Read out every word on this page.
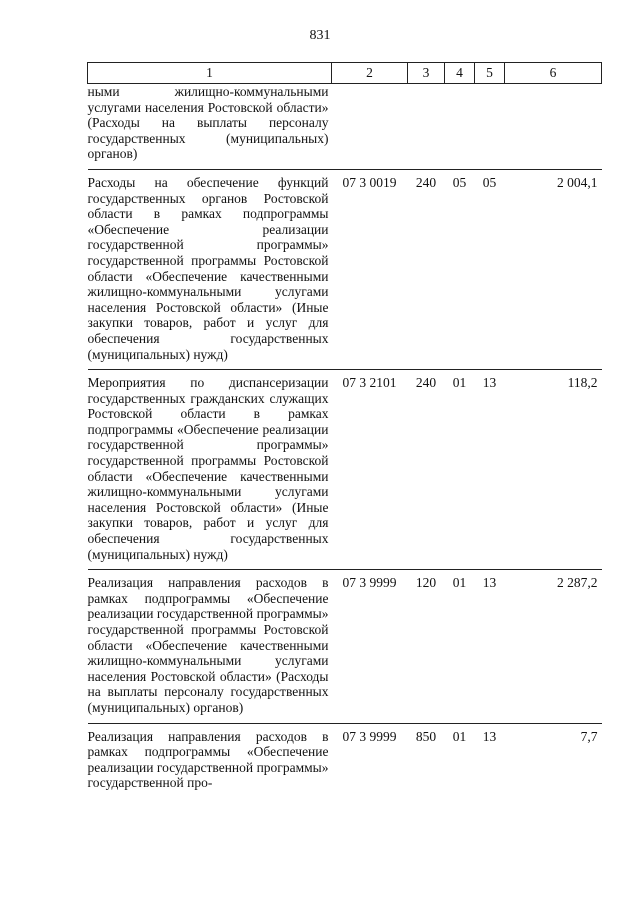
831
1	2	3	4	5	6
ными жилищно-коммунальными услугами населения Ростовской области» (Расходы на выплаты персоналу государственных (муниципальных) органов)					
Расходы на обеспечение функций государственных органов Ростовской области в рамках подпрограммы «Обеспечение реализации государственной программы» государственной программы Ростовской области «Обеспечение качественными жилищно-коммунальными услугами населения Ростовской области» (Иные закупки товаров, работ и услуг для обеспечения государственных (муниципальных) нужд)	07 3 0019	240	05	05	2 004,1
Мероприятия по диспансеризации государственных гражданских служащих Ростовской области в рамках подпрограммы «Обеспечение реализации государственной программы» государственной программы Ростовской области «Обеспечение качественными жилищно-коммунальными услугами населения Ростовской области» (Иные закупки товаров, работ и услуг для обеспечения государственных (муниципальных) нужд)	07 3 2101	240	01	13	118,2
Реализация направления расходов в рамках подпрограммы «Обеспечение реализации государственной программы» государственной программы Ростовской области «Обеспечение качественными жилищно-коммунальными услугами населения Ростовской области» (Расходы на выплаты персоналу государственных (муниципальных) органов)	07 3 9999	120	01	13	2 287,2
Реализация направления расходов в рамках подпрограммы «Обеспечение реализации государственной программы» государственной про-	07 3 9999	850	01	13	7,7
